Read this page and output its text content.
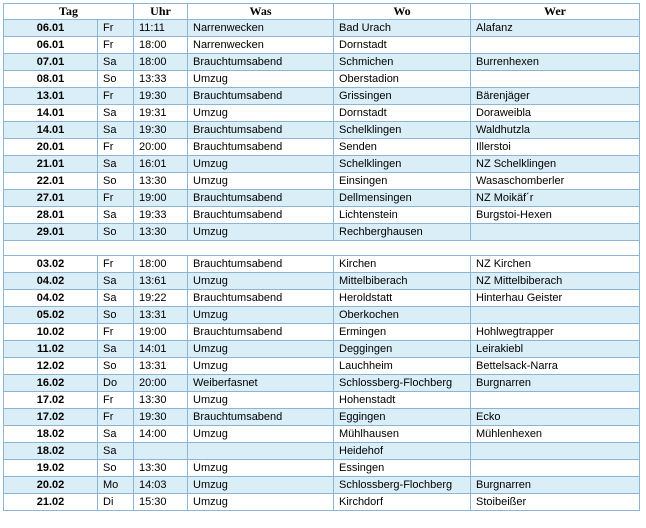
Tag		Uhr	Was	Wo	Wer
06.01	Fr	11:11	Narrenwecken	Bad Urach	Alafanz
06.01	Fr	18:00	Narrenwecken	Dornstadt	
07.01	Sa	18:00	Brauchtumsabend	Schmichen	Burrenhexen
08.01	So	13:33	Umzug	Oberstadion	
13.01	Fr	19:30	Brauchtumsabend	Grissingen	Bärenjäger
14.01	Sa	19:31	Umzug	Dornstadt	Doraweibla
14.01	Sa	19:30	Brauchtumsabend	Schelklingen	Waldhutzla
20.01	Fr	20:00	Brauchtumsabend	Senden	Illerstoi
21.01	Sa	16:01	Umzug	Schelklingen	NZ Schelklingen
22.01	So	13:30	Umzug	Einsingen	Wasaschomberler
27.01	Fr	19:00	Brauchtumsabend	Dellmensingen	NZ Moikäf´r
28.01	Sa	19:33	Brauchtumsabend	Lichtenstein	Burgstoi-Hexen
29.01	So	13:30	Umzug	Rechberghausen	

03.02	Fr	18:00	Brauchtumsabend	Kirchen	NZ Kirchen
04.02	Sa	13:61	Umzug	Mittelbiberach	NZ Mittelbiberach
04.02	Sa	19:22	Brauchtumsabend	Heroldstatt	Hinterhau Geister
05.02	So	13:31	Umzug	Oberkochen	
10.02	Fr	19:00	Brauchtumsabend	Ermingen	Hohlwegtrapper
11.02	Sa	14:01	Umzug	Deggingen	Leirakiebl
12.02	So	13:31	Umzug	Lauchheim	Bettelsack-Narra
16.02	Do	20:00	Weiberfasnet	Schlossberg-Flochberg	Burgnarren
17.02	Fr	13:30	Umzug	Hohenstadt	
17.02	Fr	19:30	Brauchtumsabend	Eggingen	Ecko
18.02	Sa	14:00	Umzug	Mühlhausen	Mühlenhexen
18.02	Sa			Heidehof	
19.02	So	13:30	Umzug	Essingen	
20.02	Mo	14:03	Umzug	Schlossberg-Flochberg	Burgnarren
21.02	Di	15:30	Umzug	Kirchdorf	Stoibeißer
